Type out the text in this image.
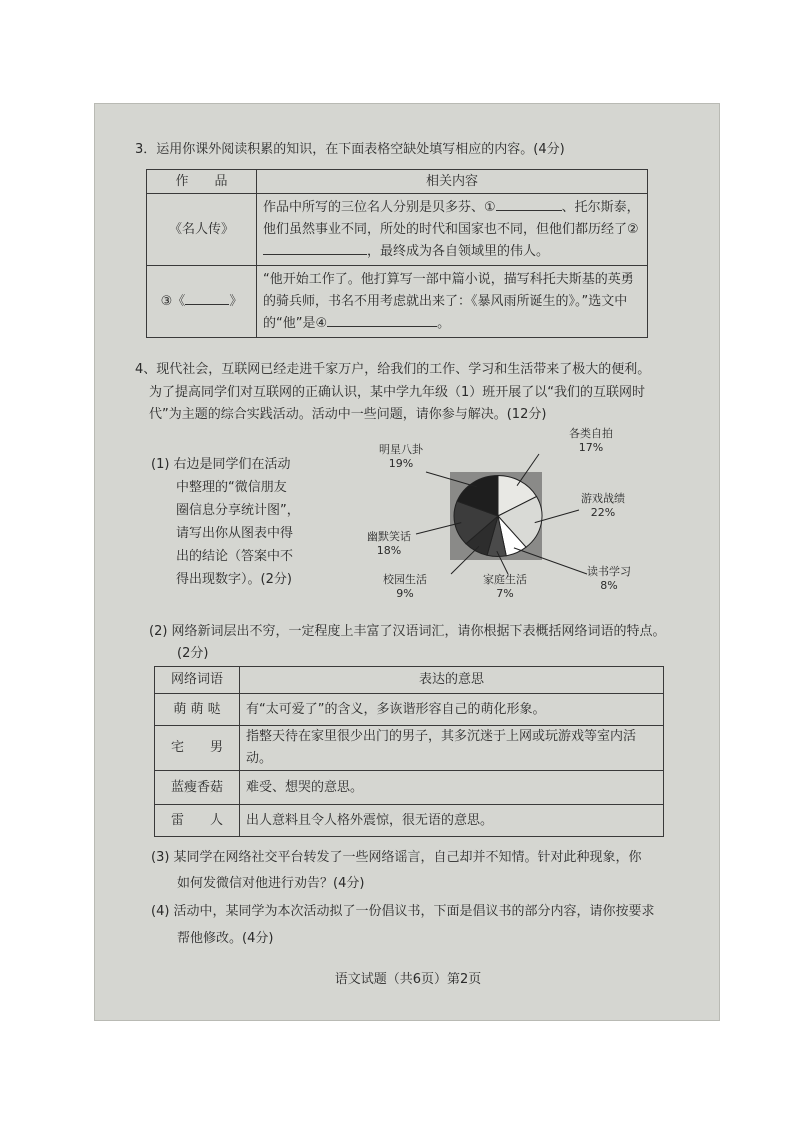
3．运用你课外阅读积累的知识，在下面表格空缺处填写相应的内容。(4分)
作　　品	相关内容
《名人传》	作品中所写的三位名人分别是贝多芬、① 、托尔斯泰，
他们虽然事业不同，所处的时代和国家也不同，但他们都历经了②
，最终成为各自领域里的伟人。

③《 》	“他开始工作了。他打算写一部中篇小说，描写科托夫斯基的英勇
的骑兵师，书名不用考虑就出来了：《暴风雨所诞生的》。”选文中
的“他”是④ 。
4、现代社会，互联网已经走进千家万户，给我们的工作、学习和生活带来了极大的便利。
为了提高同学们对互联网的正确认识，某中学九年级（1）班开展了以“我们的互联网时
代”为主题的综合实践活动。活动中一些问题，请你参与解决。(12分)
(1) 右边是同学们在活动
中整理的“微信朋友
圈信息分享统计图”，
请写出你从图表中得
出的结论（答案中不
得出现数字）。(2分)
明星八卦
19%
各类自拍
17%
游戏战绩
22%
幽默笑话
18%
读书学习
8%
家庭生活
7%
校园生活
9%
(2) 网络新词层出不穷，一定程度上丰富了汉语词汇，请你根据下表概括网络词语的特点。
(2分)
网络词语	表达的意思
萌 萌 哒	有“太可爱了”的含义，多诙谐形容自己的萌化形象。
宅　　男	指整天待在家里很少出门的男子，其多沉迷于上网或玩游戏等室内活动。
蓝瘦香菇	难受、想哭的意思。
雷　　人	出人意料且令人格外震惊，很无语的意思。
(3) 某同学在网络社交平台转发了一些网络谣言，自己却并不知情。针对此种现象，你
如何发微信对他进行劝告？(4分)
(4) 活动中，某同学为本次活动拟了一份倡议书，下面是倡议书的部分内容，请你按要求
帮他修改。(4分)
语文试题（共6页）第2页
